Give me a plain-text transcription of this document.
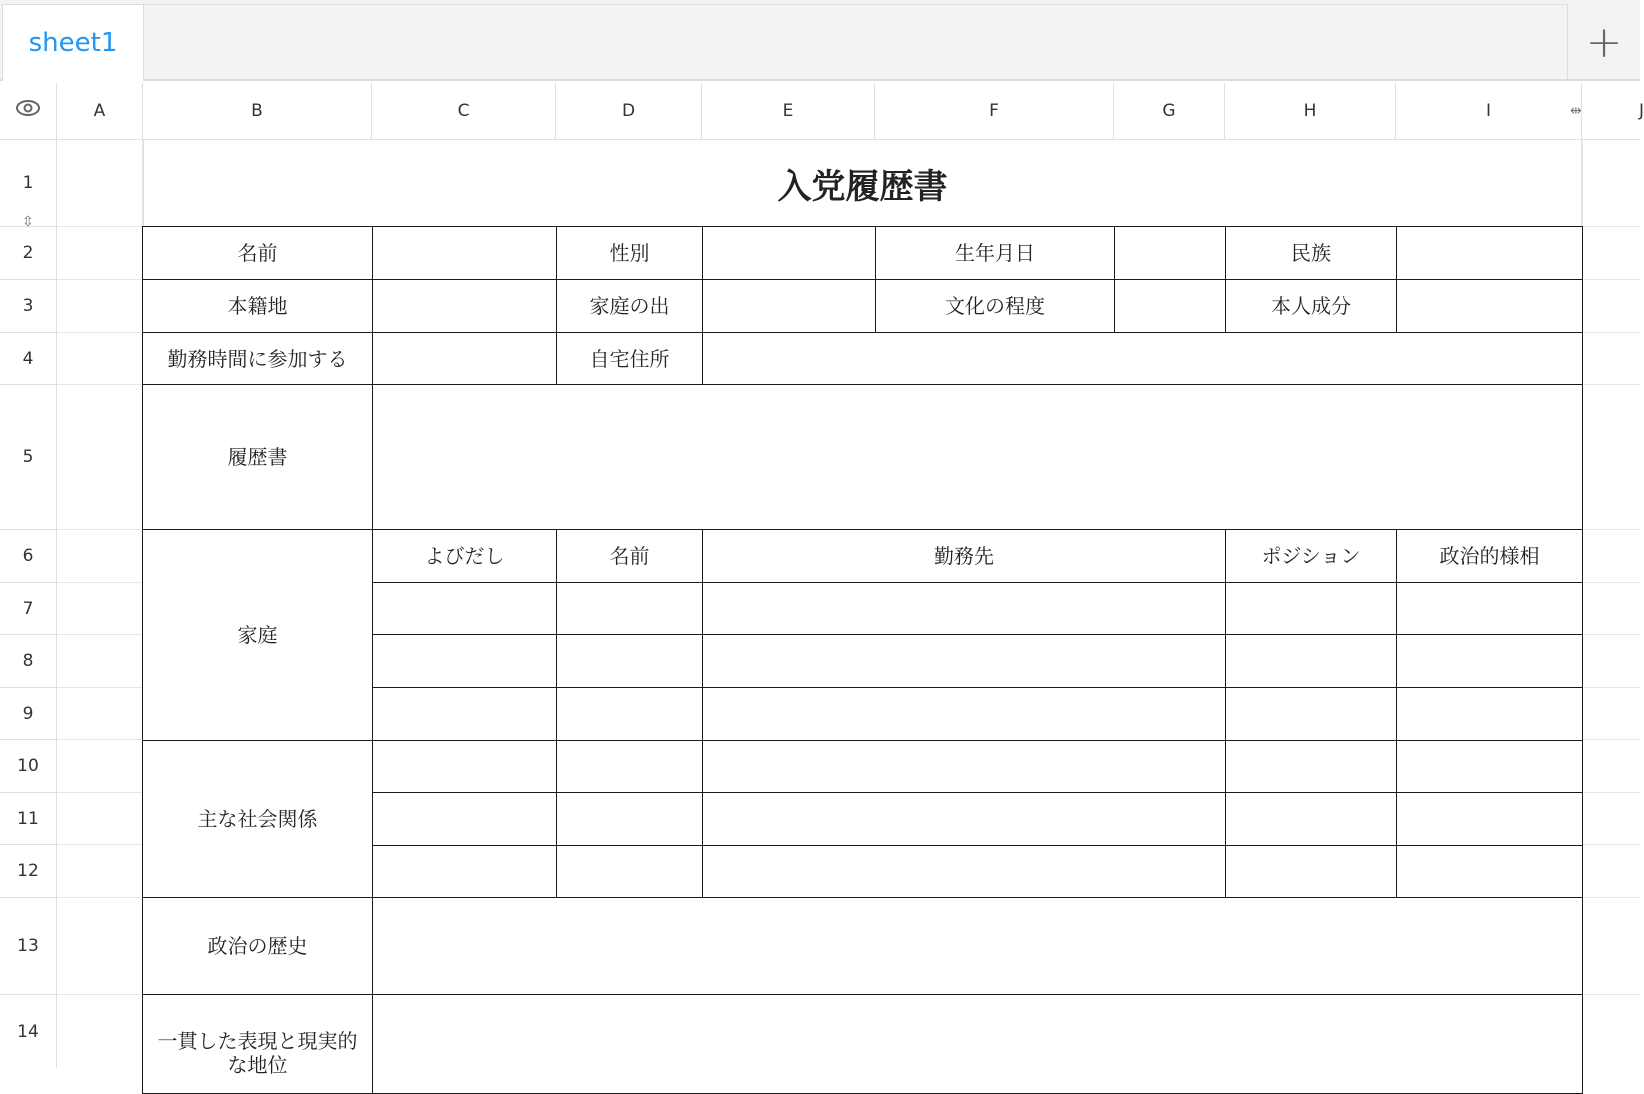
sheet1	+
A	B	C	D	E	F	G	H	I	J
⇹
1
2
3
4
5
6
7
8
9
10
11
12
13
14
⇳
入党履歴書
名前	性別	生年月日	民族
本籍地	家庭の出	文化の程度	本人成分
勤務時間に参加する	自宅住所
履歴書
家庭
よびだし	名前	勤務先	ポジション	政治的様相
主な社会関係
政治の歴史
一貫した表現と現実的な地位
